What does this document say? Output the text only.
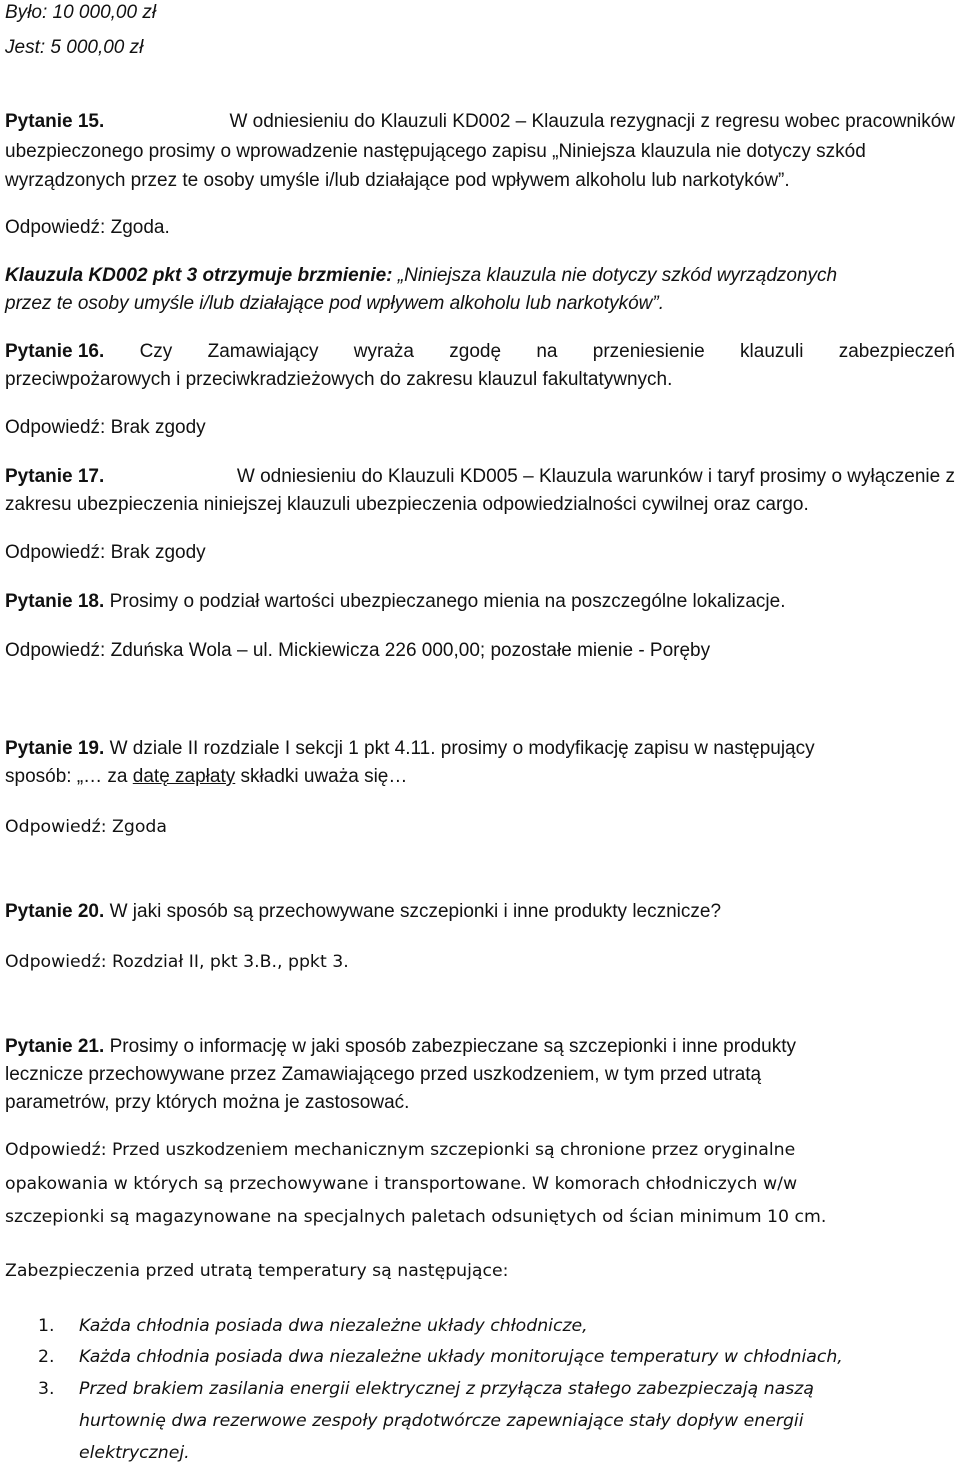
Było: 10 000,00 zł

Jest: 5 000,00 zł

Pytanie 15.	W odniesieniu do Klauzuli KD002 – Klauzula rezygnacji z regresu wobec pracowników

ubezpieczonego prosimy o wprowadzenie następującego zapisu „Niniejsza klauzula nie dotyczy szkód

wyrządzonych przez te osoby umyśle i/lub działające pod wpływem alkoholu lub narkotyków”.

Odpowiedź: Zgoda.

Klauzula KD002 pkt 3 otrzymuje brzmienie: „Niniejsza klauzula nie dotyczy szkód wyrządzonych

przez te osoby umyśle i/lub działające pod wpływem alkoholu lub narkotyków”.

Pytanie 16. Czy Zamawiający wyraża zgodę na przeniesienie klauzuli zabezpieczeń

przeciwpożarowych i przeciwkradzieżowych do zakresu klauzul fakultatywnych.

Odpowiedź: Brak zgody

Pytanie 17.	W odniesieniu do Klauzuli KD005 – Klauzula warunków i taryf prosimy o wyłączenie z

zakresu ubezpieczenia niniejszej klauzuli ubezpieczenia odpowiedzialności cywilnej oraz cargo.

Odpowiedź: Brak zgody

Pytanie 18. Prosimy o podział wartości ubezpieczanego mienia na poszczególne lokalizacje.

Odpowiedź: Zduńska Wola – ul. Mickiewicza 226 000,00; pozostałe mienie - Poręby

Pytanie 19. W dziale II rozdziale I sekcji 1 pkt 4.11. prosimy o modyfikację zapisu w następujący

sposób: „… za datę zapłaty składki uważa się…

Odpowiedź: Zgoda

Pytanie 20. W jaki sposób są przechowywane szczepionki i inne produkty lecznicze?

Odpowiedź: Rozdział II, pkt 3.B., ppkt 3.

Pytanie 21. Prosimy o informację w jaki sposób zabezpieczane są szczepionki i inne produkty

lecznicze przechowywane przez Zamawiającego przed uszkodzeniem, w tym przed utratą

parametrów, przy których można je zastosować.

Odpowiedź: Przed uszkodzeniem mechanicznym szczepionki są chronione przez oryginalne

opakowania w których są przechowywane i transportowane. W komorach chłodniczych w/w

szczepionki są magazynowane na specjalnych paletach odsuniętych od ścian minimum 10 cm.

Zabezpieczenia przed utratą temperatury są następujące:

1. Każda chłodnia posiada dwa niezależne układy chłodnicze,
2. Każda chłodnia posiada dwa niezależne układy monitorujące temperatury w chłodniach,
3. Przed brakiem zasilania energii elektrycznej z przyłącza stałego zabezpieczają naszą
hurtownię dwa rezerwowe zespoły prądotwórcze zapewniające stały dopływ energii
elektrycznej.
